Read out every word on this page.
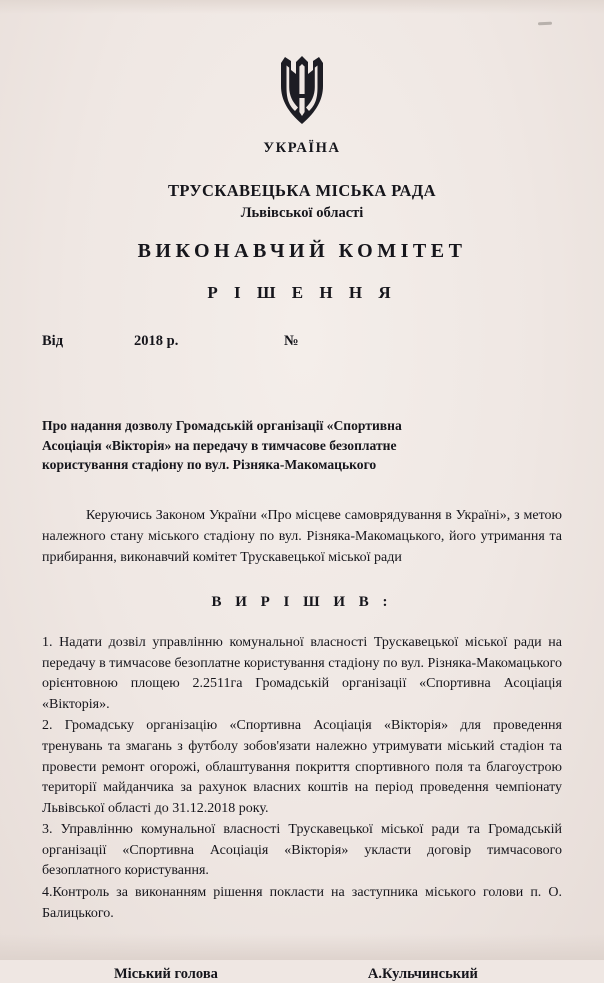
УКРАЇНА
ТРУСКАВЕЦЬКА МІСЬКА РАДА
Львівської області
ВИКОНАВЧИЙ КОМІТЕТ
Р І Ш Е Н Н Я
Від	2018 р.	№
Про надання дозволу Громадській організації «Спортивна Асоціація «Вікторія» на передачу в тимчасове безоплатне користування стадіону по вул. Різняка-Макомацького
Керуючись Законом України «Про місцеве самоврядування в Україні», з метою належного стану міського стадіону по вул. Різняка-Макомацького, його утримання та прибирання, виконавчий комітет Трускавецької міської ради
В И Р І Ш И В :

1. Надати дозвіл управлінню комунальної власності Трускавецької міської ради на передачу в тимчасове безоплатне користування стадіону по вул. Різняка-Макомацького орієнтовною площею 2.2511га Громадській організації «Спортивна Асоціація «Вікторія».

2. Громадську організацію «Спортивна Асоціація «Вікторія» для проведення тренувань та змагань з футболу зобов'язати належно утримувати міський стадіон та провести ремонт огорожі, облаштування покриття спортивного поля та благоустрою території майданчика за рахунок власних коштів на період проведення чемпіонату Львівської області до 31.12.2018 року.

3. Управлінню комунальної власності Трускавецької міської ради та Громадській організації «Спортивна Асоціація «Вікторія» укласти договір тимчасового безоплатного користування.

4.Контроль за виконанням рішення покласти на заступника міського голови п. О. Балицького.

Міський голова	А.Кульчинський
